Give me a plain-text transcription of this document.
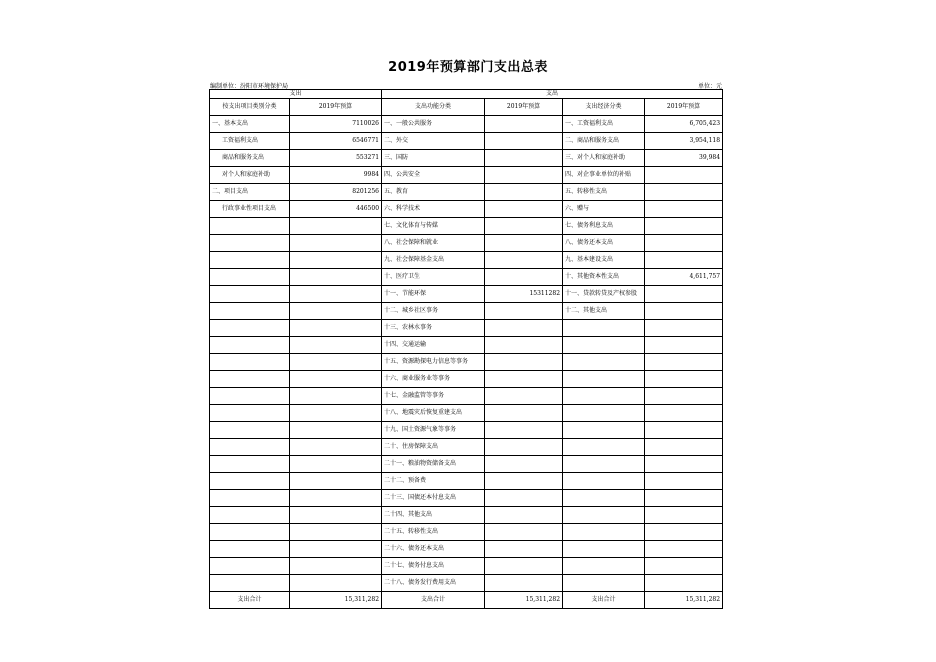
2019年预算部门支出总表
编制单位：汾阳市环境保护局	单位：元
支出		支出			
按支出项目类别分类	2019年预算	支出功能分类	2019年预算	支出经济分类	2019年预算
一、基本支出	7110026	一、一般公共服务		一、工资福利支出	6,705,423
工资福利支出	6546771	二、外交		二、商品和服务支出	3,954,118
商品和服务支出	553271	三、国防		三、对个人和家庭补助	39,984
对个人和家庭补助	9984	四、公共安全		四、对企事业单位的补贴	
二、项目支出	8201256	五、教育		五、转移性支出	
行政事业性项目支出	446500	六、科学技术		六、赠与	
		七、文化体育与传媒		七、债务利息支出	
		八、社会保障和就业		八、债务还本支出	
		九、社会保障基金支出		九、基本建设支出	
		十、医疗卫生		十、其他资本性支出	4,611,757
		十一、节能环保	15311282	十一、贷款转贷及产权参股	
		十二、城乡社区事务		十二、其他支出	
		十三、农林水事务			
		十四、交通运输			
		十五、资源勘探电力信息等事务			
		十六、商业服务业等事务			
		十七、金融监管等事务			
		十八、地震灾后恢复重建支出			
		十九、国土资源气象等事务			
		二十、住房保障支出			
		二十一、粮油物资储备支出			
		二十二、预备费			
		二十三、国债还本付息支出			
		二十四、其他支出			
		二十五、转移性支出			
		二十六、债务还本支出			
		二十七、债务付息支出			
		二十八、债务发行费用支出			
支出合计	15,311,282	支出合计	15,311,282	支出合计	15,311,282
